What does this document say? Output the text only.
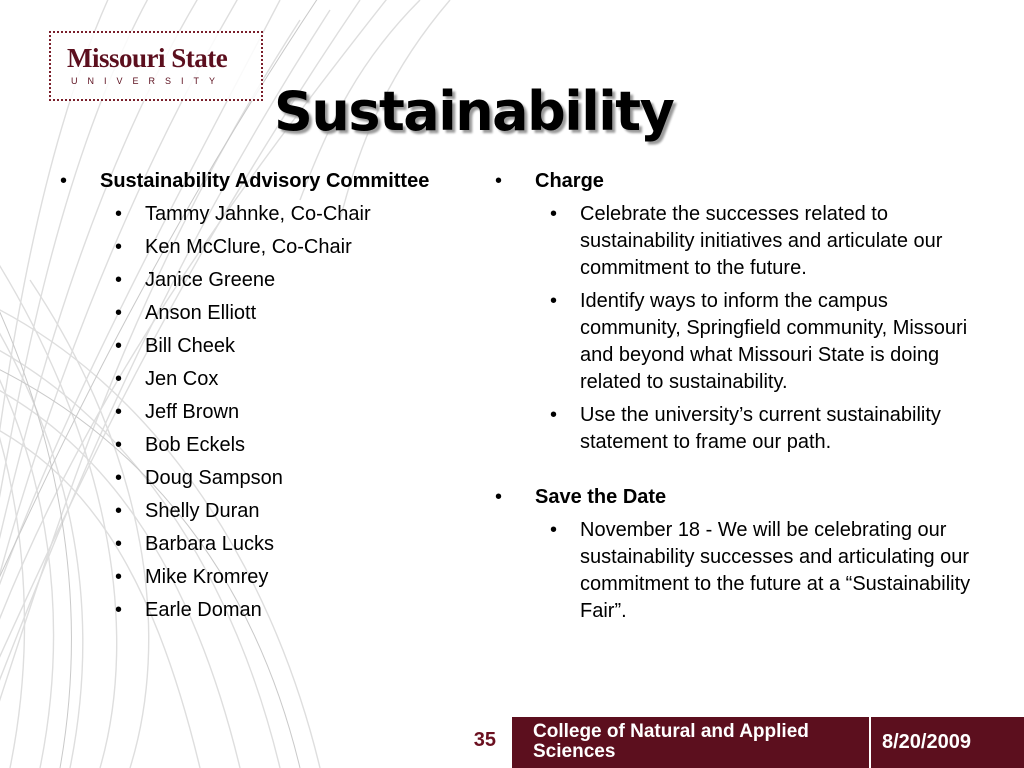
Missouri State
UNIVERSITY Sustainability
• Sustainability Advisory Committee
• Tammy Jahnke, Co-Chair
• Ken McClure, Co-Chair
• Janice Greene
• Anson Elliott
• Bill Cheek
• Jen Cox
• Jeff Brown
• Bob Eckels
• Doug Sampson
• Shelly Duran
• Barbara Lucks
• Mike Kromrey
• Earle Doman
• Charge
• Celebrate the successes related to sustainability initiatives and articulate our commitment to the future.
• Identify ways to inform the campus community, Springfield community, Missouri and beyond what Missouri State is doing related to sustainability.
• Use the university’s current sustainability statement to frame our path.
• Save the Date
• November 18 - We will be celebrating our sustainability successes and articulating our commitment to the future at a “Sustainability Fair”.
35 College of Natural and Applied Sciences	8/20/2009
